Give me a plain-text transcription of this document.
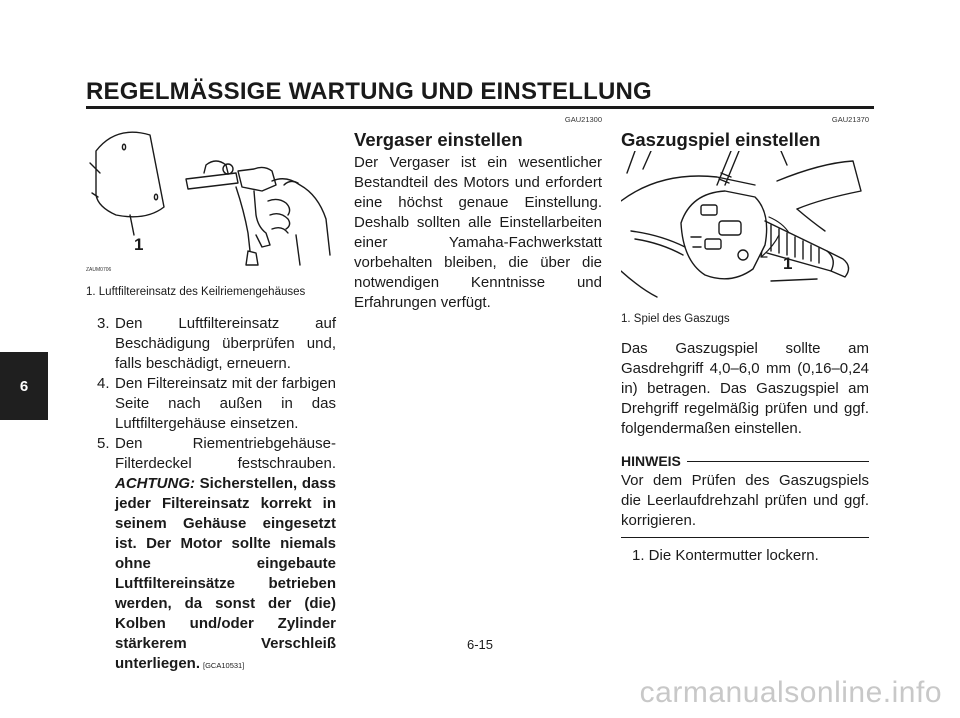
REGELMÄSSIGE WARTUNG UND EINSTELLUNG
6
1
ZAUM0706
1. Luftfiltereinsatz des Keilriemengehäuses
3. Den Luftfiltereinsatz auf Beschädigung überprüfen und, falls beschädigt, erneuern.
4. Den Filtereinsatz mit der farbigen Seite nach außen in das Luftfiltergehäuse einsetzen.
5. Den Riementriebgehäuse-Filterdeckel festschrauben. ACHTUNG: Sicherstellen, dass jeder Filtereinsatz korrekt in seinem Gehäuse eingesetzt ist. Der Motor sollte niemals ohne eingebaute Luftfiltereinsätze betrieben werden, da sonst der (die) Kolben und/oder Zylinder stärkerem Verschleiß unterliegen. [GCA10531]
GAU21300
Vergaser einstellen

Der Vergaser ist ein wesentlicher Bestandteil des Motors und erfordert eine höchst genaue Einstellung. Deshalb sollten alle Einstellarbeiten einer Yamaha-Fachwerkstatt vorbehalten bleiben, die über die notwendigen Kenntnisse und Erfahrungen verfügt.

GAU21370
Gaszugspiel einstellen
1
1. Spiel des Gaszugs

Das Gaszugspiel sollte am Gasdrehgriff 4,0–6,0 mm (0,16–0,24 in) betragen. Das Gaszugspiel am Drehgriff regelmäßig prüfen und ggf. folgendermaßen einstellen.

HINWEIS

Vor dem Prüfen des Gaszugspiels die Leerlaufdrehzahl prüfen und ggf. korrigieren.

1. Die Kontermutter lockern.
6-15
carmanualsonline.info
